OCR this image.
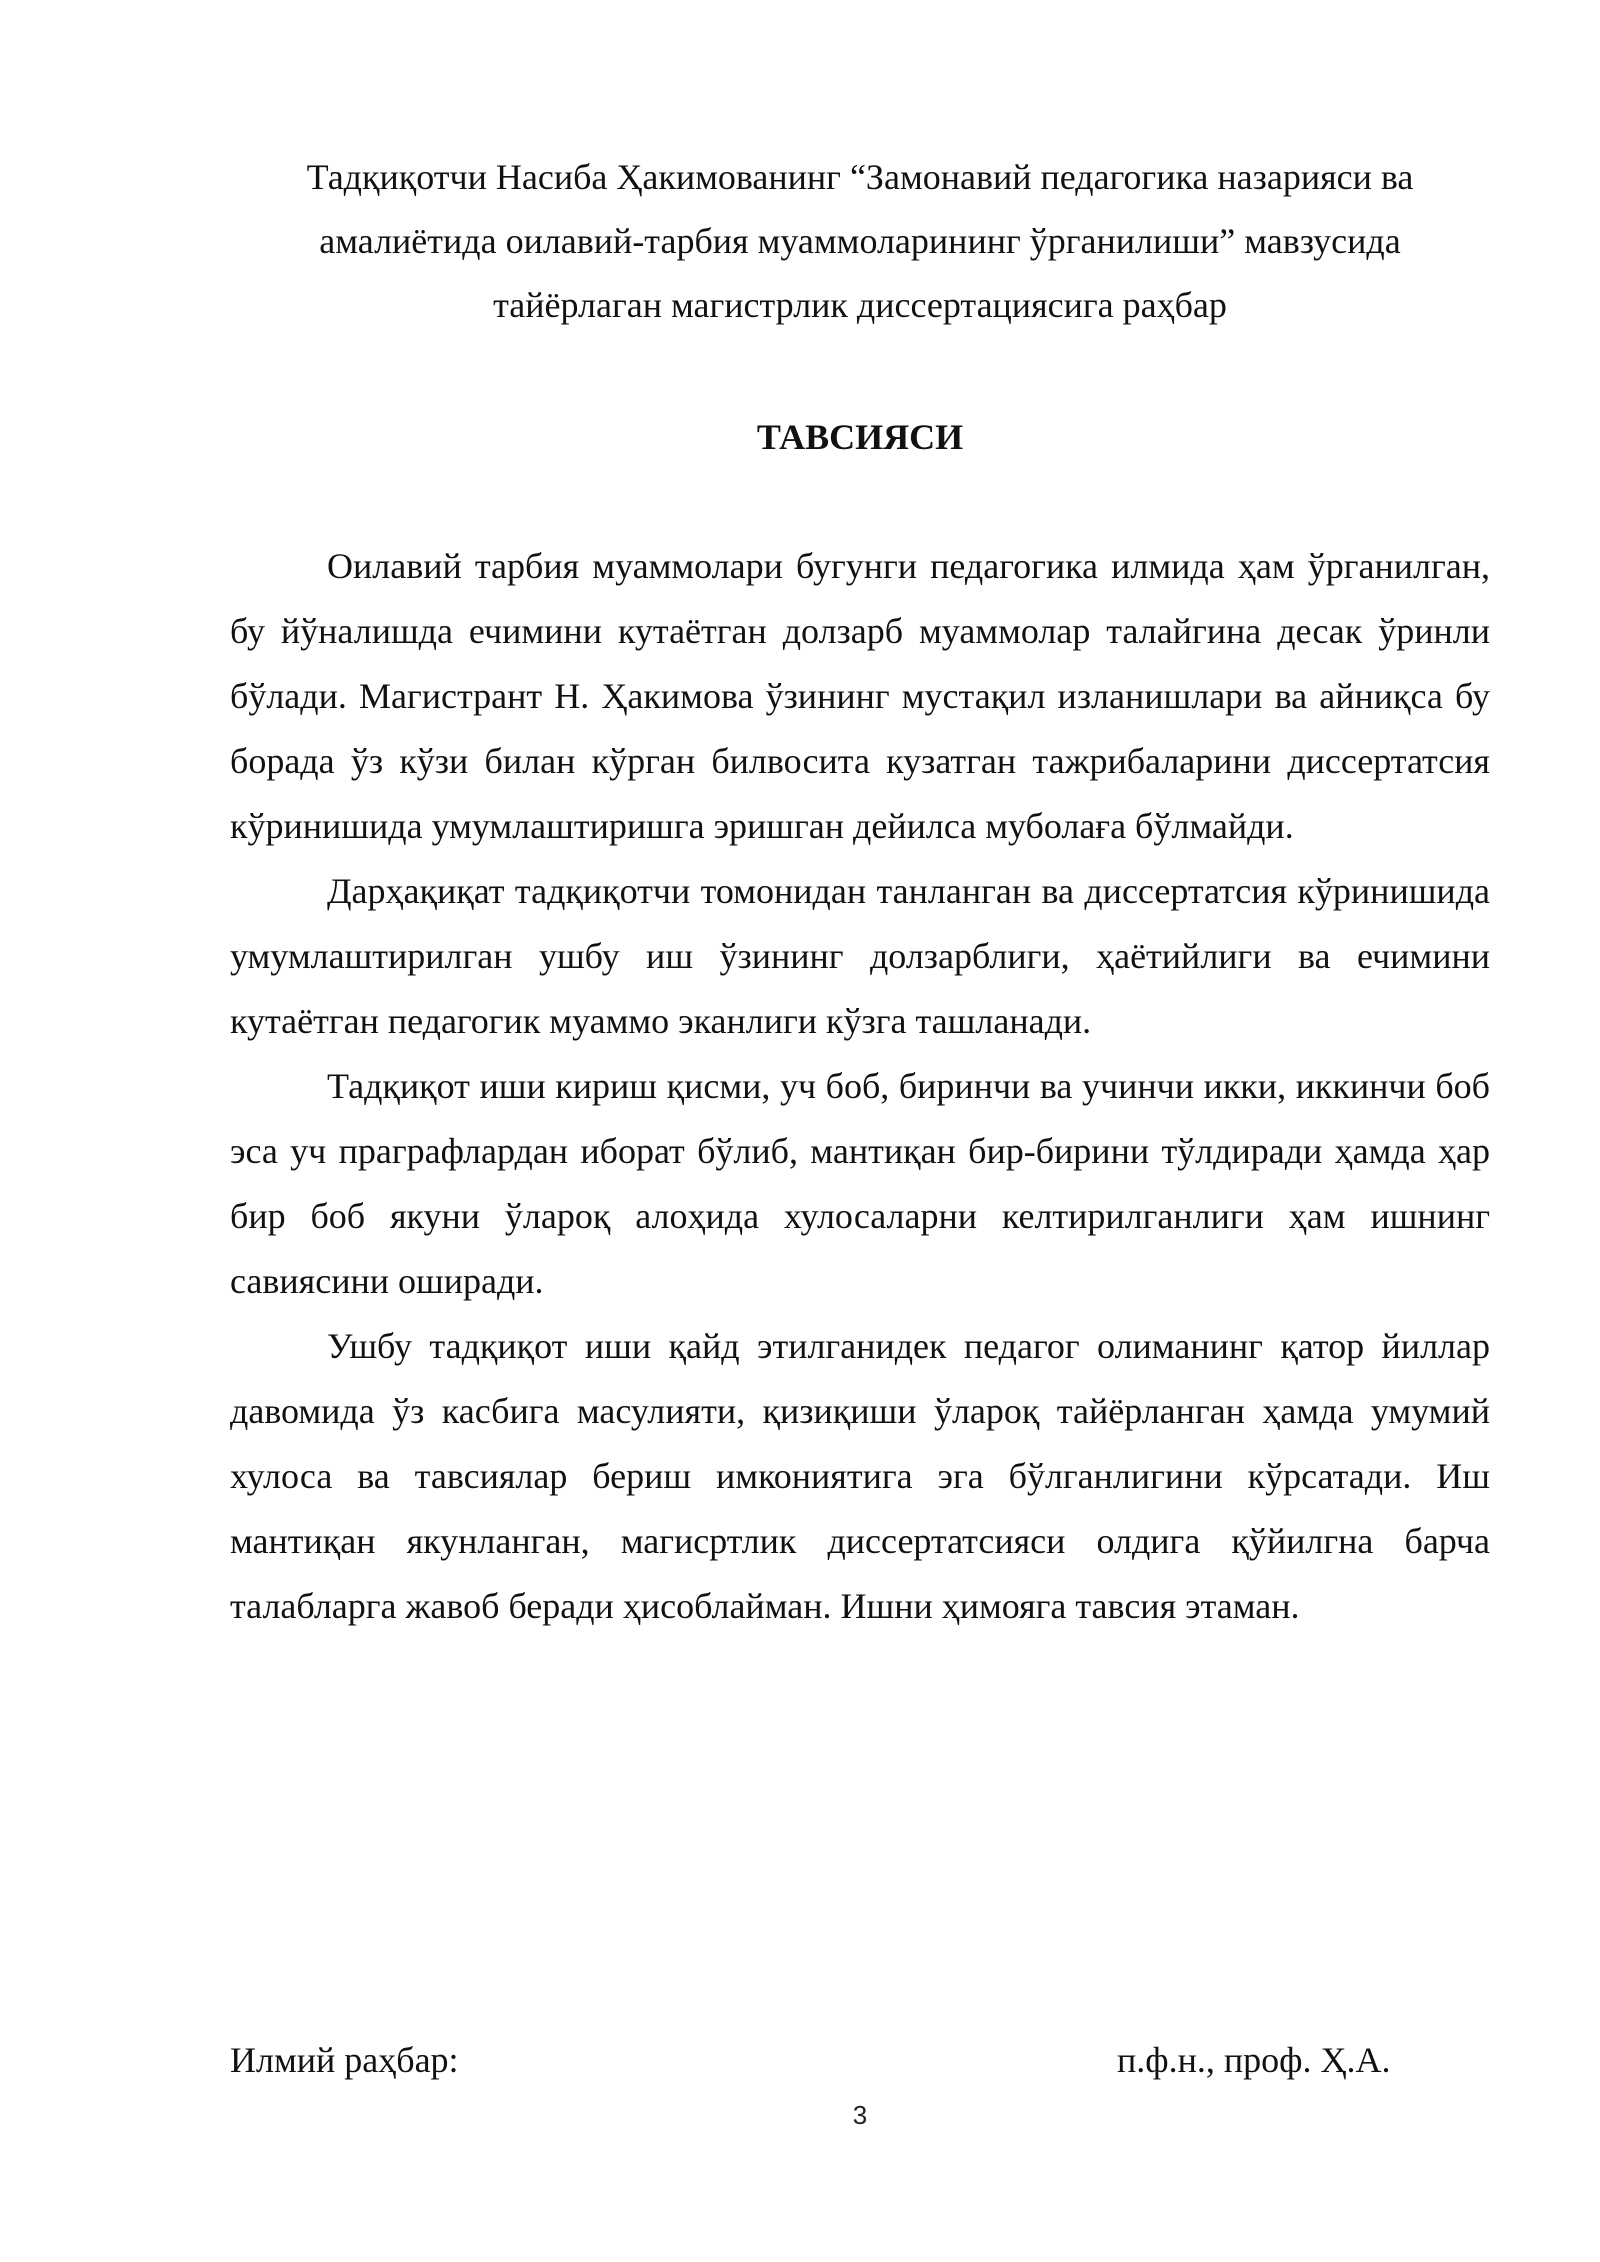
Тадқиқотчи Насиба Ҳакимованинг “Замонавий педагогика назарияси ва
амалиётида оилавий-тарбия муаммоларининг ўрганилиши” мавзусида
тайёрлаган магистрлик диссертациясига раҳбар
ТАВСИЯСИ

Оилавий тарбия муаммолари бугунги педагогика илмида ҳам ўрганилган, бу йўналишда ечимини кутаётган долзарб муаммолар талайгина десак ўринли бўлади. Магистрант Н. Ҳакимова ўзининг мустақил изланишлари ва айниқса бу борада ўз кўзи билан кўрган билвосита кузатган тажрибаларини диссертатсия кўринишида умумлаштиришга эришган дейилса муболаға бўлмайди.

Дарҳақиқат тадқиқотчи томонидан танланган ва диссертатсия кўринишида умумлаштирилган ушбу иш ўзининг долзарблиги, ҳаётийлиги ва ечимини кутаётган педагогик муаммо эканлиги кўзга ташланади.

Тадқиқот иши кириш қисми, уч боб, биринчи ва учинчи икки, иккинчи боб эса уч праграфлардан иборат бўлиб, мантиқан бир-бирини тўлдиради ҳамда ҳар бир боб якуни ўлароқ алоҳида хулосаларни келтирилганлиги ҳам ишнинг савиясини оширади.

Ушбу тадқиқот иши қайд этилганидек педагог олиманинг қатор йиллар давомида ўз касбига масулияти, қизиқиши ўлароқ тайёрланган ҳамда умумий хулоса ва тавсиялар бериш имкониятига эга бўлганлигини кўрсатади. Иш мантиқан якунланган, магисртлик диссертатсияси олдига қўйилгна барча талабларга жавоб беради ҳисоблайман. Ишни ҳимояга тавсия этаман.

Илмий раҳбар:	п.ф.н., проф. Ҳ.А.
3
